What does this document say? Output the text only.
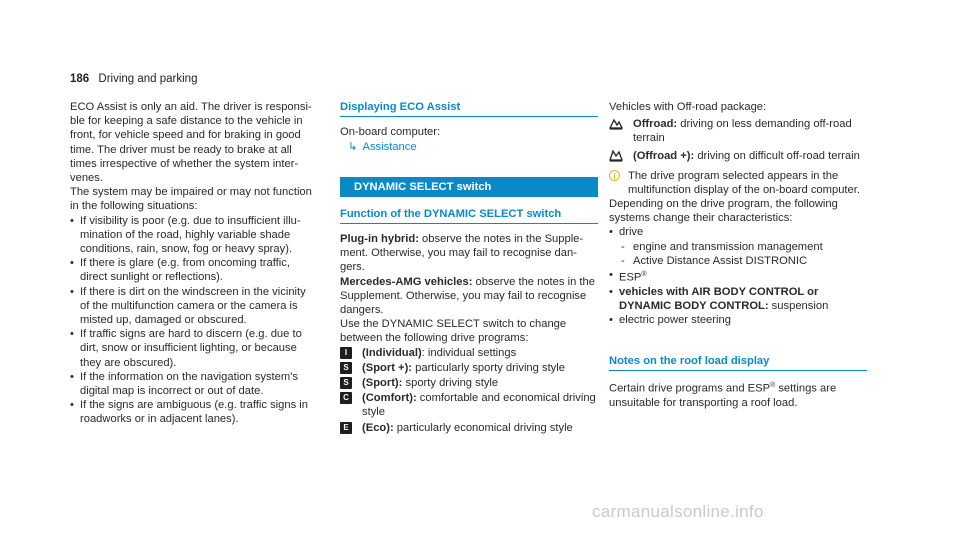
186 Driving and parking

ECO Assist is only an aid. The driver is responsible for keeping a safe distance to the vehicle in front, for vehicle speed and for braking in good time. The driver must be ready to brake at all times irrespective of whether the system intervenes.

The system may be impaired or may not function in the following situations:

• If visibility is poor (e.g. due to insufficient illumination of the road, highly variable shade conditions, rain, snow, fog or heavy spray).
• If there is glare (e.g. from oncoming traffic, direct sunlight or reflections).
• If there is dirt on the windscreen in the vicinity of the multifunction camera or the camera is misted up, damaged or obscured.
• If traffic signs are hard to discern (e.g. due to dirt, snow or insufficient lighting, or because they are obscured).
• If the information on the navigation system's digital map is incorrect or out of date.
• If the signs are ambiguous (e.g. traffic signs in roadworks or in adjacent lanes).
Displaying ECO Assist

On-board computer:

↳ Assistance

DYNAMIC SELECT switch
Function of the DYNAMIC SELECT switch

Plug-in hybrid: observe the notes in the Supplement. Otherwise, you may fail to recognise dangers.

Mercedes-AMG vehicles: observe the notes in the Supplement. Otherwise, you may fail to recognise dangers.

Use the DYNAMIC SELECT switch to change between the following drive programs:

I	(Individual): individual settings
S (Sport +): particularly sporty driving style
S (Sport): sporty driving style
C (Comfort): comfortable and economical driving style
E (Eco): particularly economical driving style

Vehicles with Off-road package:

Offroad: driving on less demanding off-road terrain
(Offroad +): driving on difficult off-road terrain
i	The drive program selected appears in the multifunction display of the on-board computer.

Depending on the drive program, the following systems change their characteristics:

• drive
- engine and transmission management
- Active Distance Assist DISTRONIC
• ESP®
• vehicles with AIR BODY CONTROL or DYNAMIC BODY CONTROL: suspension
• electric power steering
Notes on the roof load display

Certain drive programs and ESP® settings are unsuitable for transporting a roof load.

carmanualsonline.info
